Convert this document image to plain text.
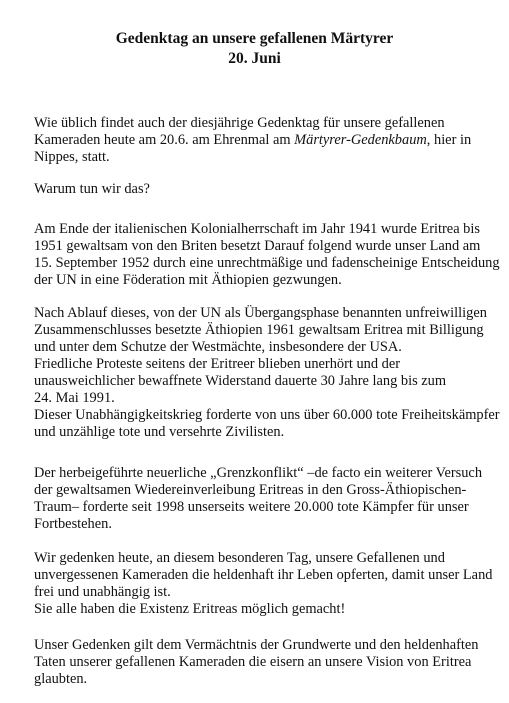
Gedenktag an unsere gefallenen Märtyrer
20. Juni

Wie üblich findet auch der diesjährige Gedenktag für unsere gefallenen
Kameraden heute am 20.6. am Ehrenmal am Märtyrer-Gedenkbaum, hier in
Nippes, statt.

Warum tun wir das?

Am Ende der italienischen Kolonialherrschaft im Jahr 1941 wurde Eritrea bis
1951 gewaltsam von den Briten besetzt Darauf folgend wurde unser Land am
15. September 1952 durch eine unrechtmäßige und fadenscheinige Entscheidung
der UN in eine Föderation mit Äthiopien gezwungen.

Nach Ablauf dieses, von der UN als Übergangsphase benannten unfreiwilligen
Zusammenschlusses besetzte Äthiopien 1961 gewaltsam Eritrea mit Billigung
und unter dem Schutze der Westmächte, insbesondere der USA.
Friedliche Proteste seitens der Eritreer blieben unerhört und der
unausweichlicher bewaffnete Widerstand dauerte 30 Jahre lang bis zum
24. Mai 1991.
Dieser Unabhängigkeitskrieg forderte von uns über 60.000 tote Freiheitskämpfer
und unzählige tote und versehrte Zivilisten.

Der herbeigeführte neuerliche „Grenzkonflikt“ –de facto ein weiterer Versuch
der gewaltsamen Wiedereinverleibung Eritreas in den Gross-Äthiopischen-
Traum– forderte seit 1998 unserseits weitere 20.000 tote Kämpfer für unser
Fortbestehen.

Wir gedenken heute, an diesem besonderen Tag, unsere Gefallenen und
unvergessenen Kameraden die heldenhaft ihr Leben opferten, damit unser Land
frei und unabhängig ist.
Sie alle haben die Existenz Eritreas möglich gemacht!

Unser Gedenken gilt dem Vermächtnis der Grundwerte und den heldenhaften
Taten unserer gefallenen Kameraden die eisern an unsere Vision von Eritrea
glaubten.
